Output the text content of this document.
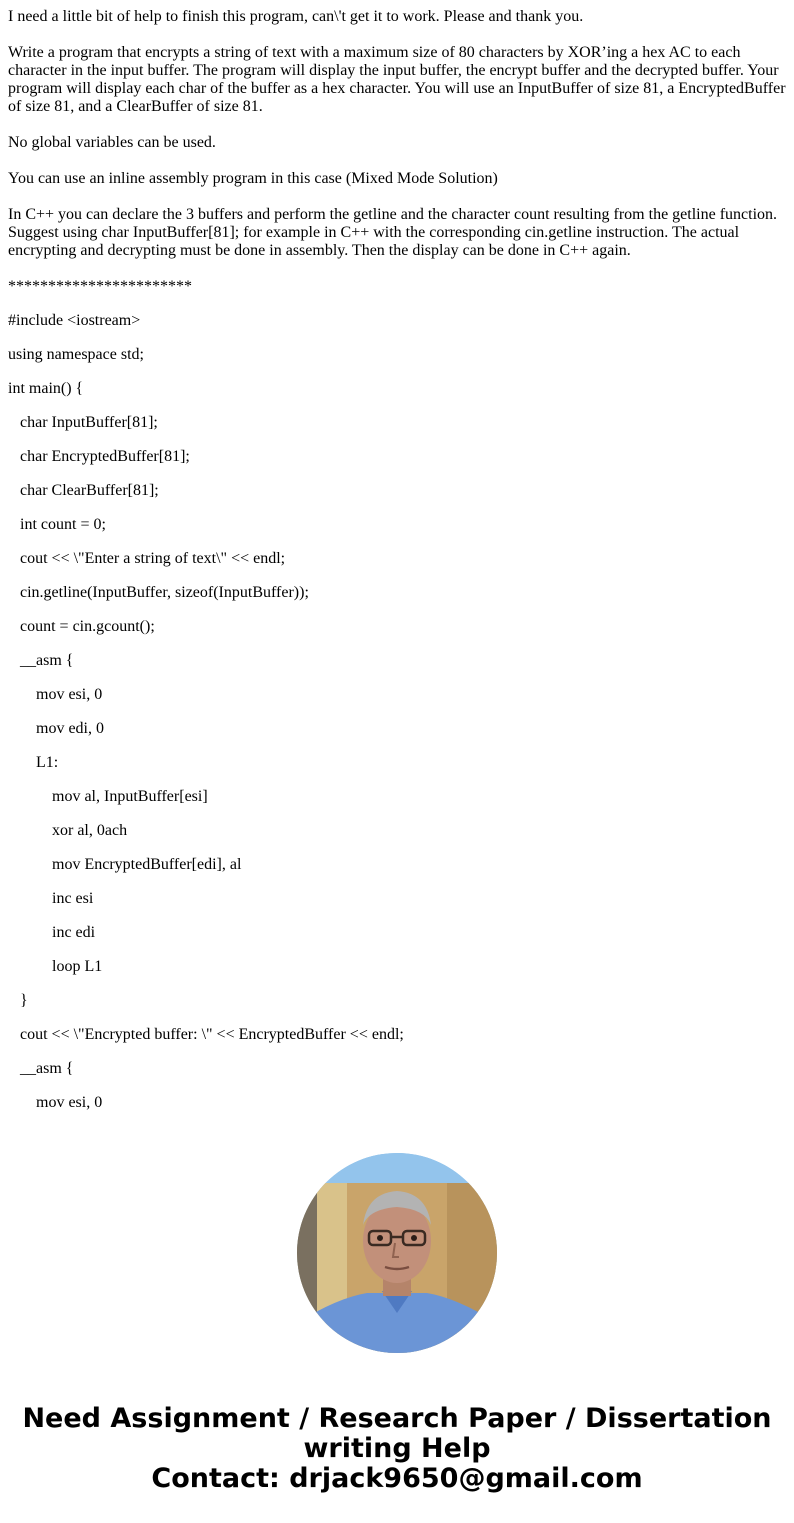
I need a little bit of help to finish this program, can\'t get it to work. Please and thank you.

Write a program that encrypts a string of text with a maximum size of 80 characters by XOR’ing a hex AC to each character in the input buffer. The program will display the input buffer, the encrypt buffer and the decrypted buffer. Your program will display each char of the buffer as a hex character. You will use an InputBuffer of size 81, a EncryptedBuffer of size 81, and a ClearBuffer of size 81.

No global variables can be used.

You can use an inline assembly program in this case (Mixed Mode Solution)

In C++ you can declare the 3 buffers and perform the getline and the character count resulting from the getline function. Suggest using char InputBuffer[81]; for example in C++ with the corresponding cin.getline instruction. The actual encrypting and decrypting must be done in assembly. Then the display can be done in C++ again.

***********************

#include <iostream>

using namespace std;

int main() {

char InputBuffer[81];

char EncryptedBuffer[81];

char ClearBuffer[81];

int count = 0;

cout << \"Enter a string of text\" << endl;

cin.getline(InputBuffer, sizeof(InputBuffer));

count = cin.gcount();

__asm {

mov esi, 0

mov edi, 0

L1:

mov al, InputBuffer[esi]

xor al, 0ach

mov EncryptedBuffer[edi], al

inc esi

inc edi

loop L1

}

cout << \"Encrypted buffer: \" << EncryptedBuffer << endl;

__asm {

mov esi, 0

Need Assignment / Research Paper / Dissertation
writing Help
Contact: drjack9650@gmail.com
